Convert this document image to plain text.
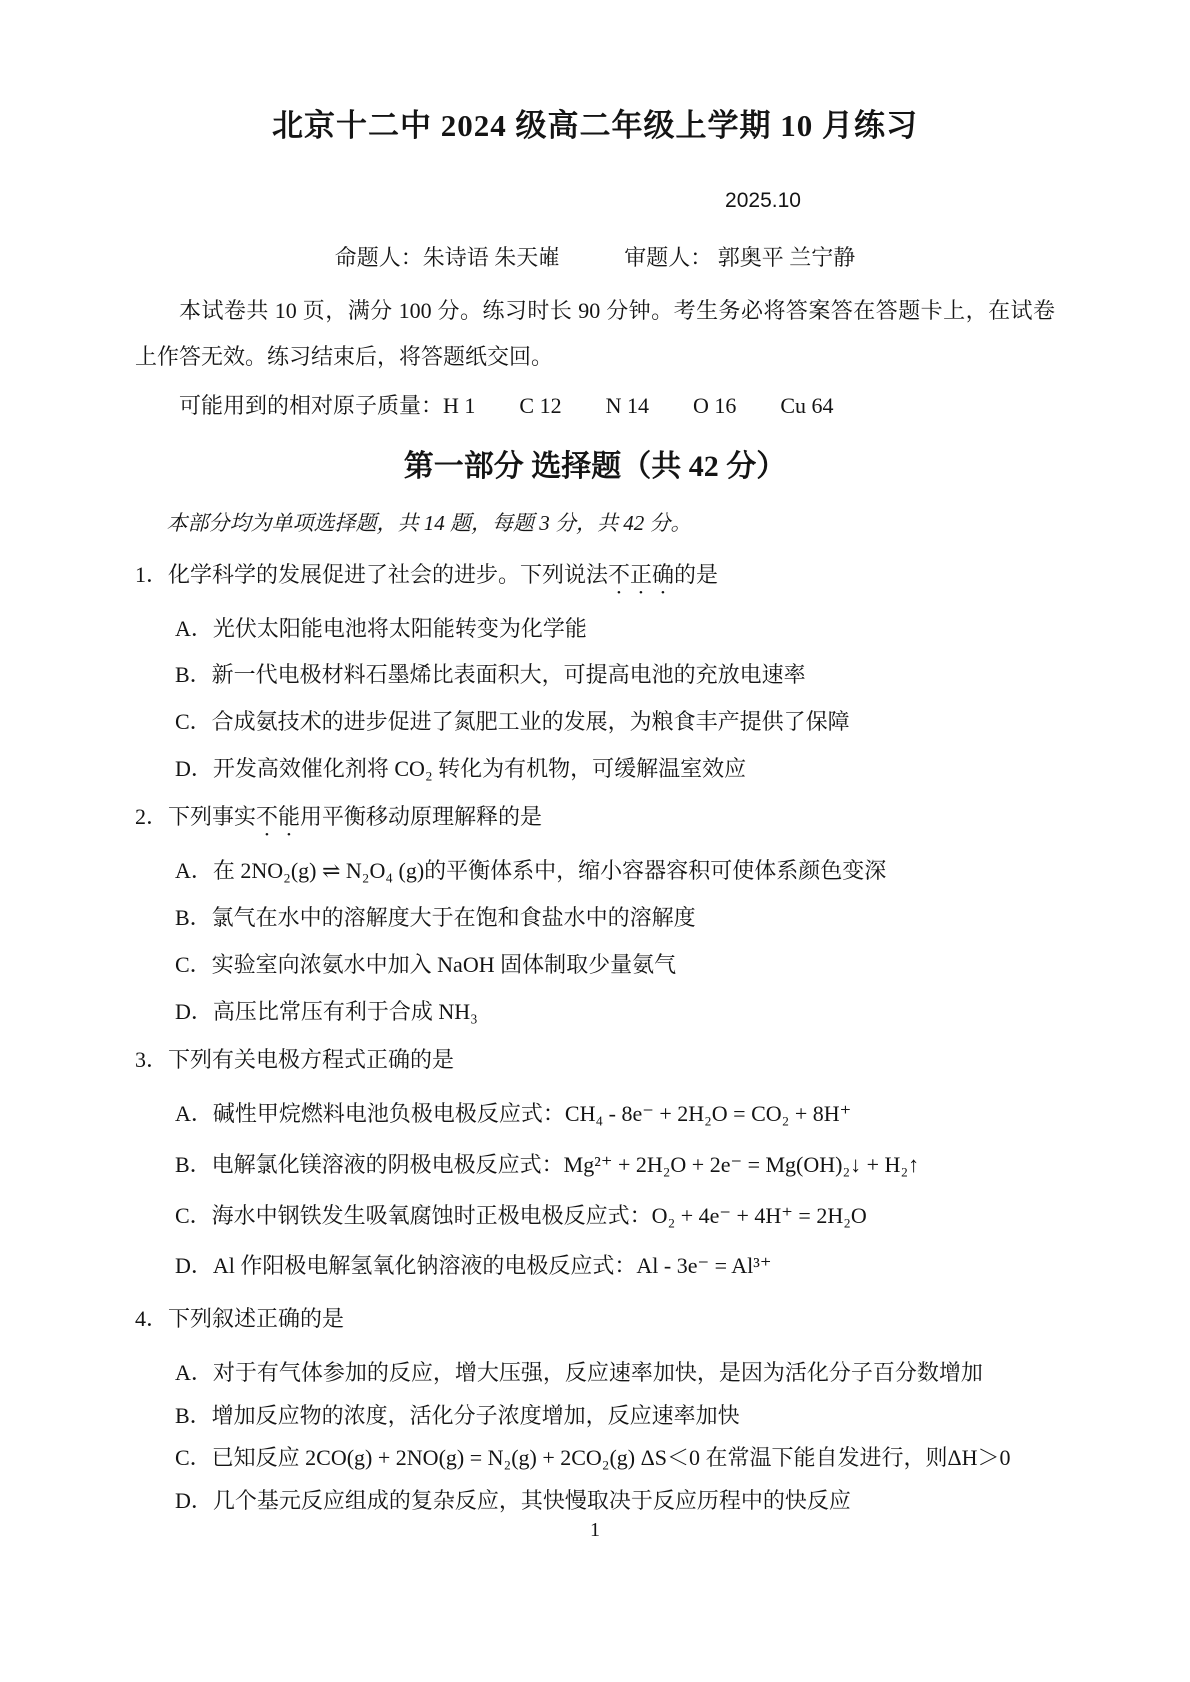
北京十二中 2024 级高二年级上学期 10 月练习
2025.10
命题人：朱诗语 朱天嶉	审题人： 郭奥平 兰宁静

本试卷共 10 页，满分 100 分。练习时长 90 分钟。考生务必将答案答在答题卡上，在试卷上作答无效。练习结束后，将答题纸交回。

可能用到的相对原子质量：H 1　　C 12　　N 14　　O 16　　Cu 64

第一部分 选择题（共 42 分）

本部分均为单项选择题，共 14 题，每题 3 分，共 42 分。

1．化学科学的发展促进了社会的进步。下列说法不正确的是

A．光伏太阳能电池将太阳能转变为化学能

B．新一代电极材料石墨烯比表面积大，可提高电池的充放电速率

C．合成氨技术的进步促进了氮肥工业的发展，为粮食丰产提供了保障

D．开发高效催化剂将 CO₂ 转化为有机物，可缓解温室效应

2．下列事实不能用平衡移动原理解释的是

A．在 2NO₂(g) ⇌ N₂O₄ (g)的平衡体系中，缩小容器容积可使体系颜色变深

B．氯气在水中的溶解度大于在饱和食盐水中的溶解度

C．实验室向浓氨水中加入 NaOH 固体制取少量氨气

D．高压比常压有利于合成 NH₃

3．下列有关电极方程式正确的是

A．碱性甲烷燃料电池负极电极反应式：CH₄ - 8e⁻ + 2H₂O = CO₂ + 8H⁺

B．电解氯化镁溶液的阴极电极反应式：Mg²⁺ + 2H₂O + 2e⁻ = Mg(OH)₂↓ + H₂↑

C．海水中钢铁发生吸氧腐蚀时正极电极反应式：O₂ + 4e⁻ + 4H⁺ = 2H₂O

D．Al 作阳极电解氢氧化钠溶液的电极反应式：Al - 3e⁻ = Al³⁺

4．下列叙述正确的是

A．对于有气体参加的反应，增大压强，反应速率加快，是因为活化分子百分数增加

B．增加反应物的浓度，活化分子浓度增加，反应速率加快

C．已知反应 2CO(g) + 2NO(g) = N₂(g) + 2CO₂(g) ΔS＜0 在常温下能自发进行，则ΔH＞0

D．几个基元反应组成的复杂反应，其快慢取决于反应历程中的快反应

1
